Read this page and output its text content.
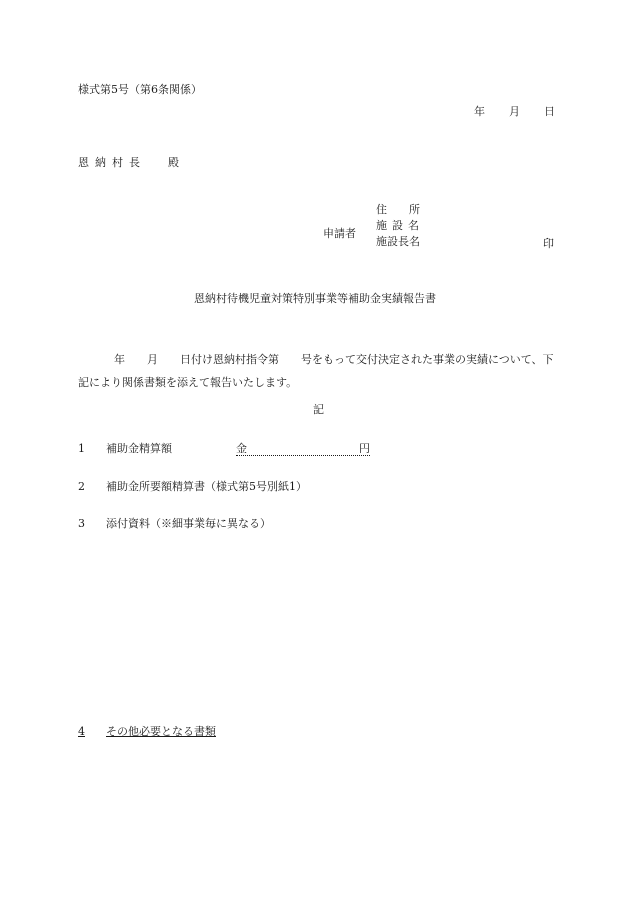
様式第5号（第6条関係）
年 月 日
恩納村長 殿
申請者
住 所
施設名
施設長名	印
恩納村待機児童対策特別事業等補助金実績報告書
年 月 日付け恩納村指令第 号をもって交付決定された事業の実績について、下記により関係書類を添えて報告いたします。
記
1 補助金精算額	金	円
2 補助金所要額精算書（様式第5号別紙1）
3 添付資料（※細事業毎に異なる）
4 その他必要となる書類
